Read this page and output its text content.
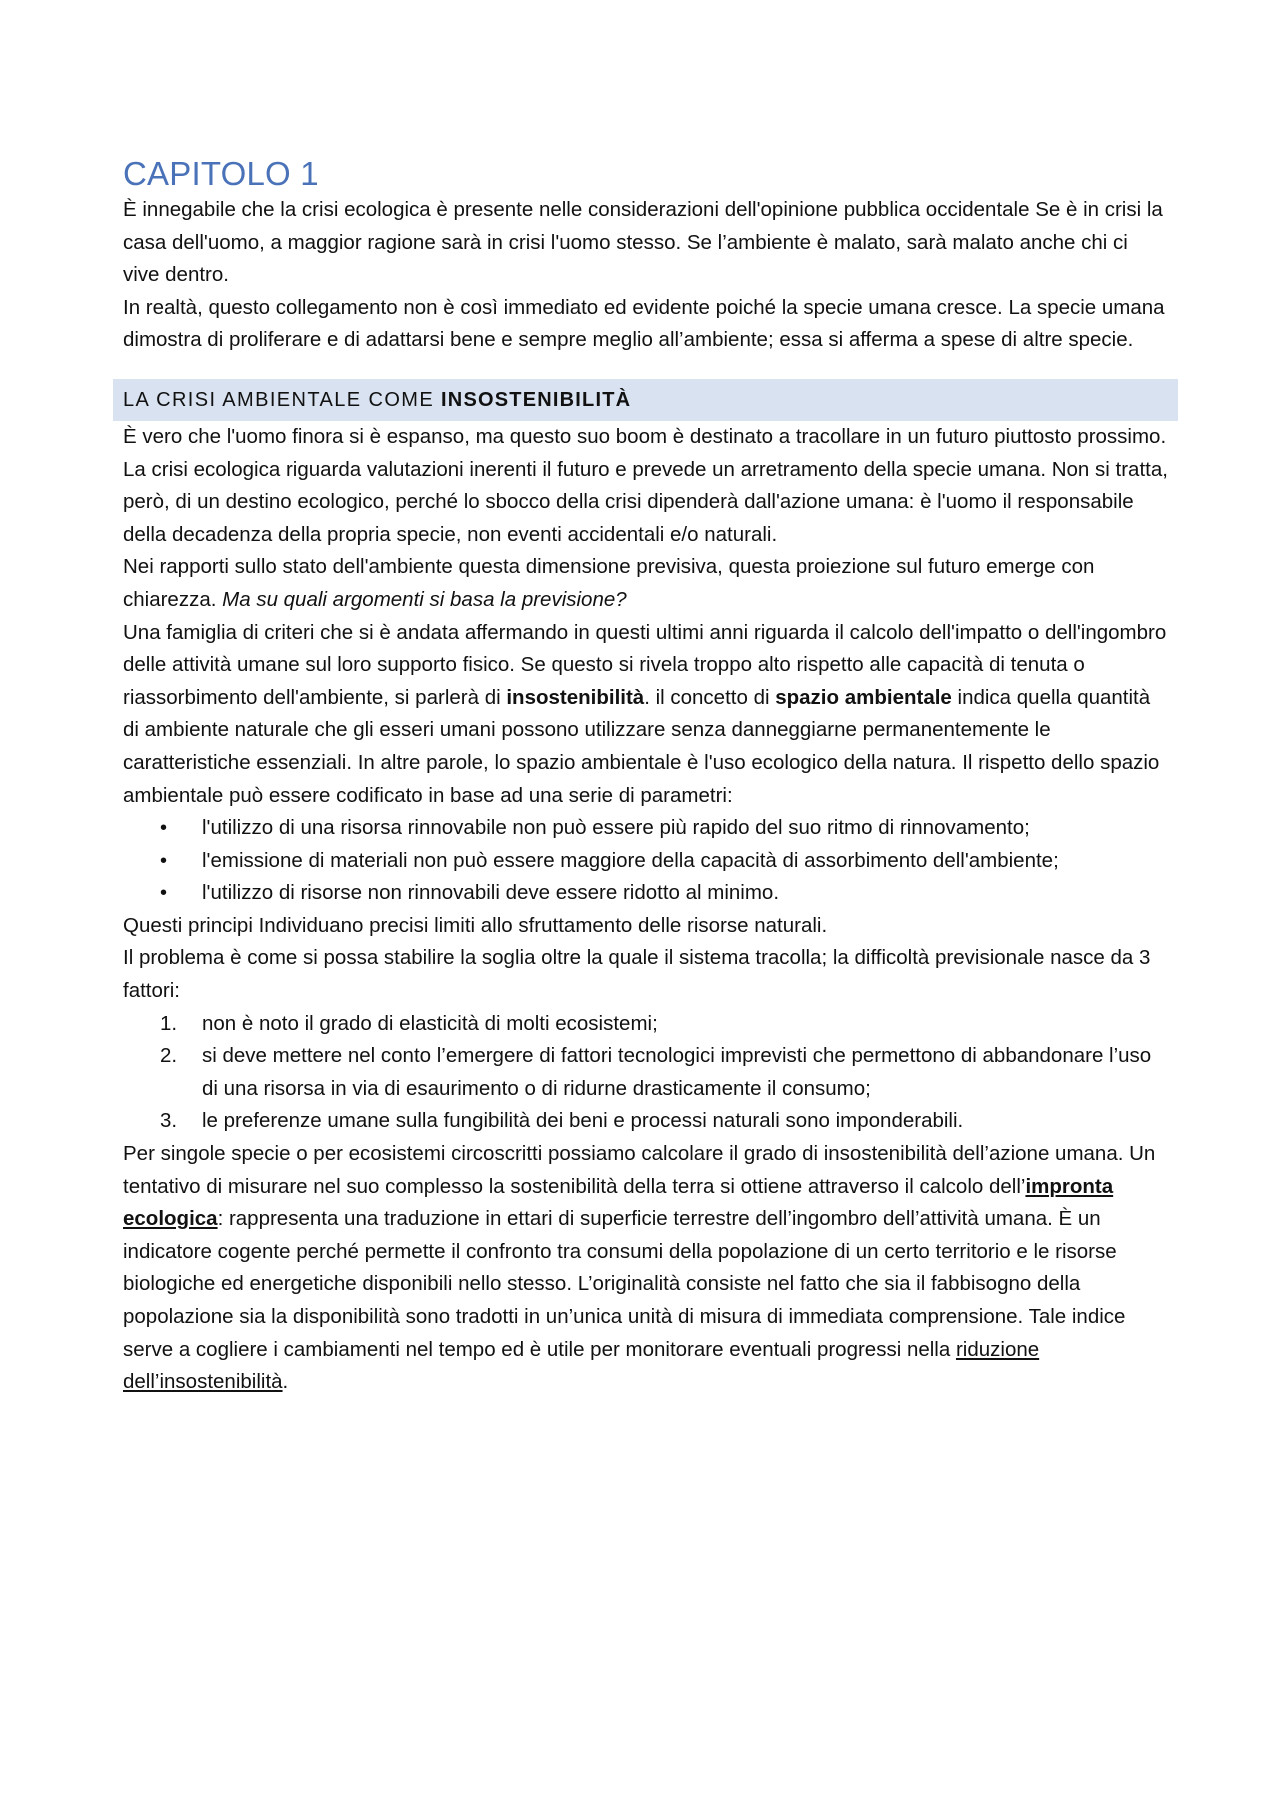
CAPITOLO 1

È innegabile che la crisi ecologica è presente nelle considerazioni dell'opinione pubblica occidentale Se è in crisi la casa dell'uomo, a maggior ragione sarà in crisi l'uomo stesso. Se l’ambiente è malato, sarà malato anche chi ci vive dentro.

In realtà, questo collegamento non è così immediato ed evidente poiché la specie umana cresce. La specie umana dimostra di proliferare e di adattarsi bene e sempre meglio all’ambiente; essa si afferma a spese di altre specie.

LA CRISI AMBIENTALE COME INSOSTENIBILITÀ

È vero che l'uomo finora si è espanso, ma questo suo boom è destinato a tracollare in un futuro piuttosto prossimo. La crisi ecologica riguarda valutazioni inerenti il futuro e prevede un arretramento della specie umana. Non si tratta, però, di un destino ecologico, perché lo sbocco della crisi dipenderà dall'azione umana: è l'uomo il responsabile della decadenza della propria specie, non eventi accidentali e/o naturali.

Nei rapporti sullo stato dell'ambiente questa dimensione previsiva, questa proiezione sul futuro emerge con chiarezza. Ma su quali argomenti si basa la previsione?

Una famiglia di criteri che si è andata affermando in questi ultimi anni riguarda il calcolo dell'impatto o dell'ingombro delle attività umane sul loro supporto fisico. Se questo si rivela troppo alto rispetto alle capacità di tenuta o riassorbimento dell'ambiente, si parlerà di insostenibilità. il concetto di spazio ambientale indica quella quantità di ambiente naturale che gli esseri umani possono utilizzare senza danneggiarne permanentemente le caratteristiche essenziali. In altre parole, lo spazio ambientale è l'uso ecologico della natura. Il rispetto dello spazio ambientale può essere codificato in base ad una serie di parametri:

• l'utilizzo di una risorsa rinnovabile non può essere più rapido del suo ritmo di rinnovamento;
• l'emissione di materiali non può essere maggiore della capacità di assorbimento dell'ambiente;
• l'utilizzo di risorse non rinnovabili deve essere ridotto al minimo.

Questi principi Individuano precisi limiti allo sfruttamento delle risorse naturali.

Il problema è come si possa stabilire la soglia oltre la quale il sistema tracolla; la difficoltà previsionale nasce da 3 fattori:

1. non è noto il grado di elasticità di molti ecosistemi;
2. si deve mettere nel conto l’emergere di fattori tecnologici imprevisti che permettono di abbandonare l’uso di una risorsa in via di esaurimento o di ridurne drasticamente il consumo;
3. le preferenze umane sulla fungibilità dei beni e processi naturali sono imponderabili.

Per singole specie o per ecosistemi circoscritti possiamo calcolare il grado di insostenibilità dell’azione umana. Un tentativo di misurare nel suo complesso la sostenibilità della terra si ottiene attraverso il calcolo dell’impronta ecologica: rappresenta una traduzione in ettari di superficie terrestre dell’ingombro dell’attività umana. È un indicatore cogente perché permette il confronto tra consumi della popolazione di un certo territorio e le risorse biologiche ed energetiche disponibili nello stesso. L’originalità consiste nel fatto che sia il fabbisogno della popolazione sia la disponibilità sono tradotti in un’unica unità di misura di immediata comprensione. Tale indice serve a cogliere i cambiamenti nel tempo ed è utile per monitorare eventuali progressi nella riduzione dell’insostenibilità.
